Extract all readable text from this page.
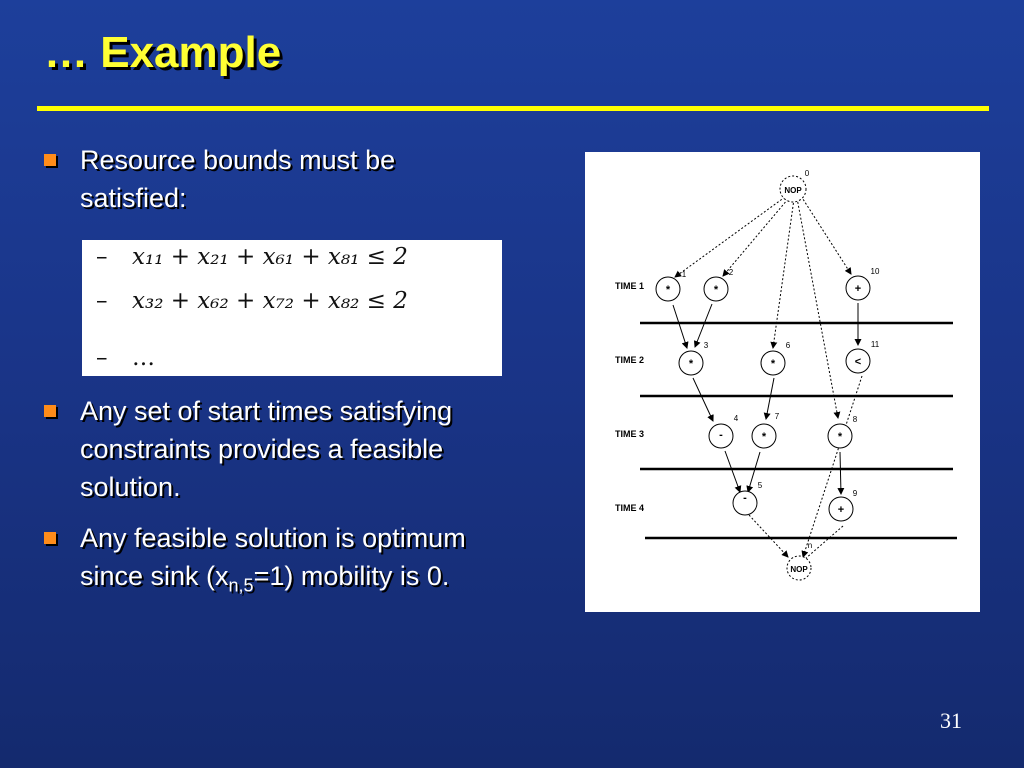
… Example
Resource bounds must be
satisfied:
– x₁₁ + x₂₁ + x₆₁ + x₈₁ ≤ 2
– x₃₂ + x₆₂ + x₇₂ + x₈₂ ≤ 2
– …
Any set of start times satisfying
constraints provides a feasible
solution.
Any feasible solution is optimum
since sink $(x_{n,5}=1)$ mobility is 0.
TIME 1
TIME 2
TIME 3
TIME 4
NOP
0
*
1
*
2
+
10
*
3
*
6
<
11
-
4
*
7
*
8
-
5
+
9
NOP
n
31
